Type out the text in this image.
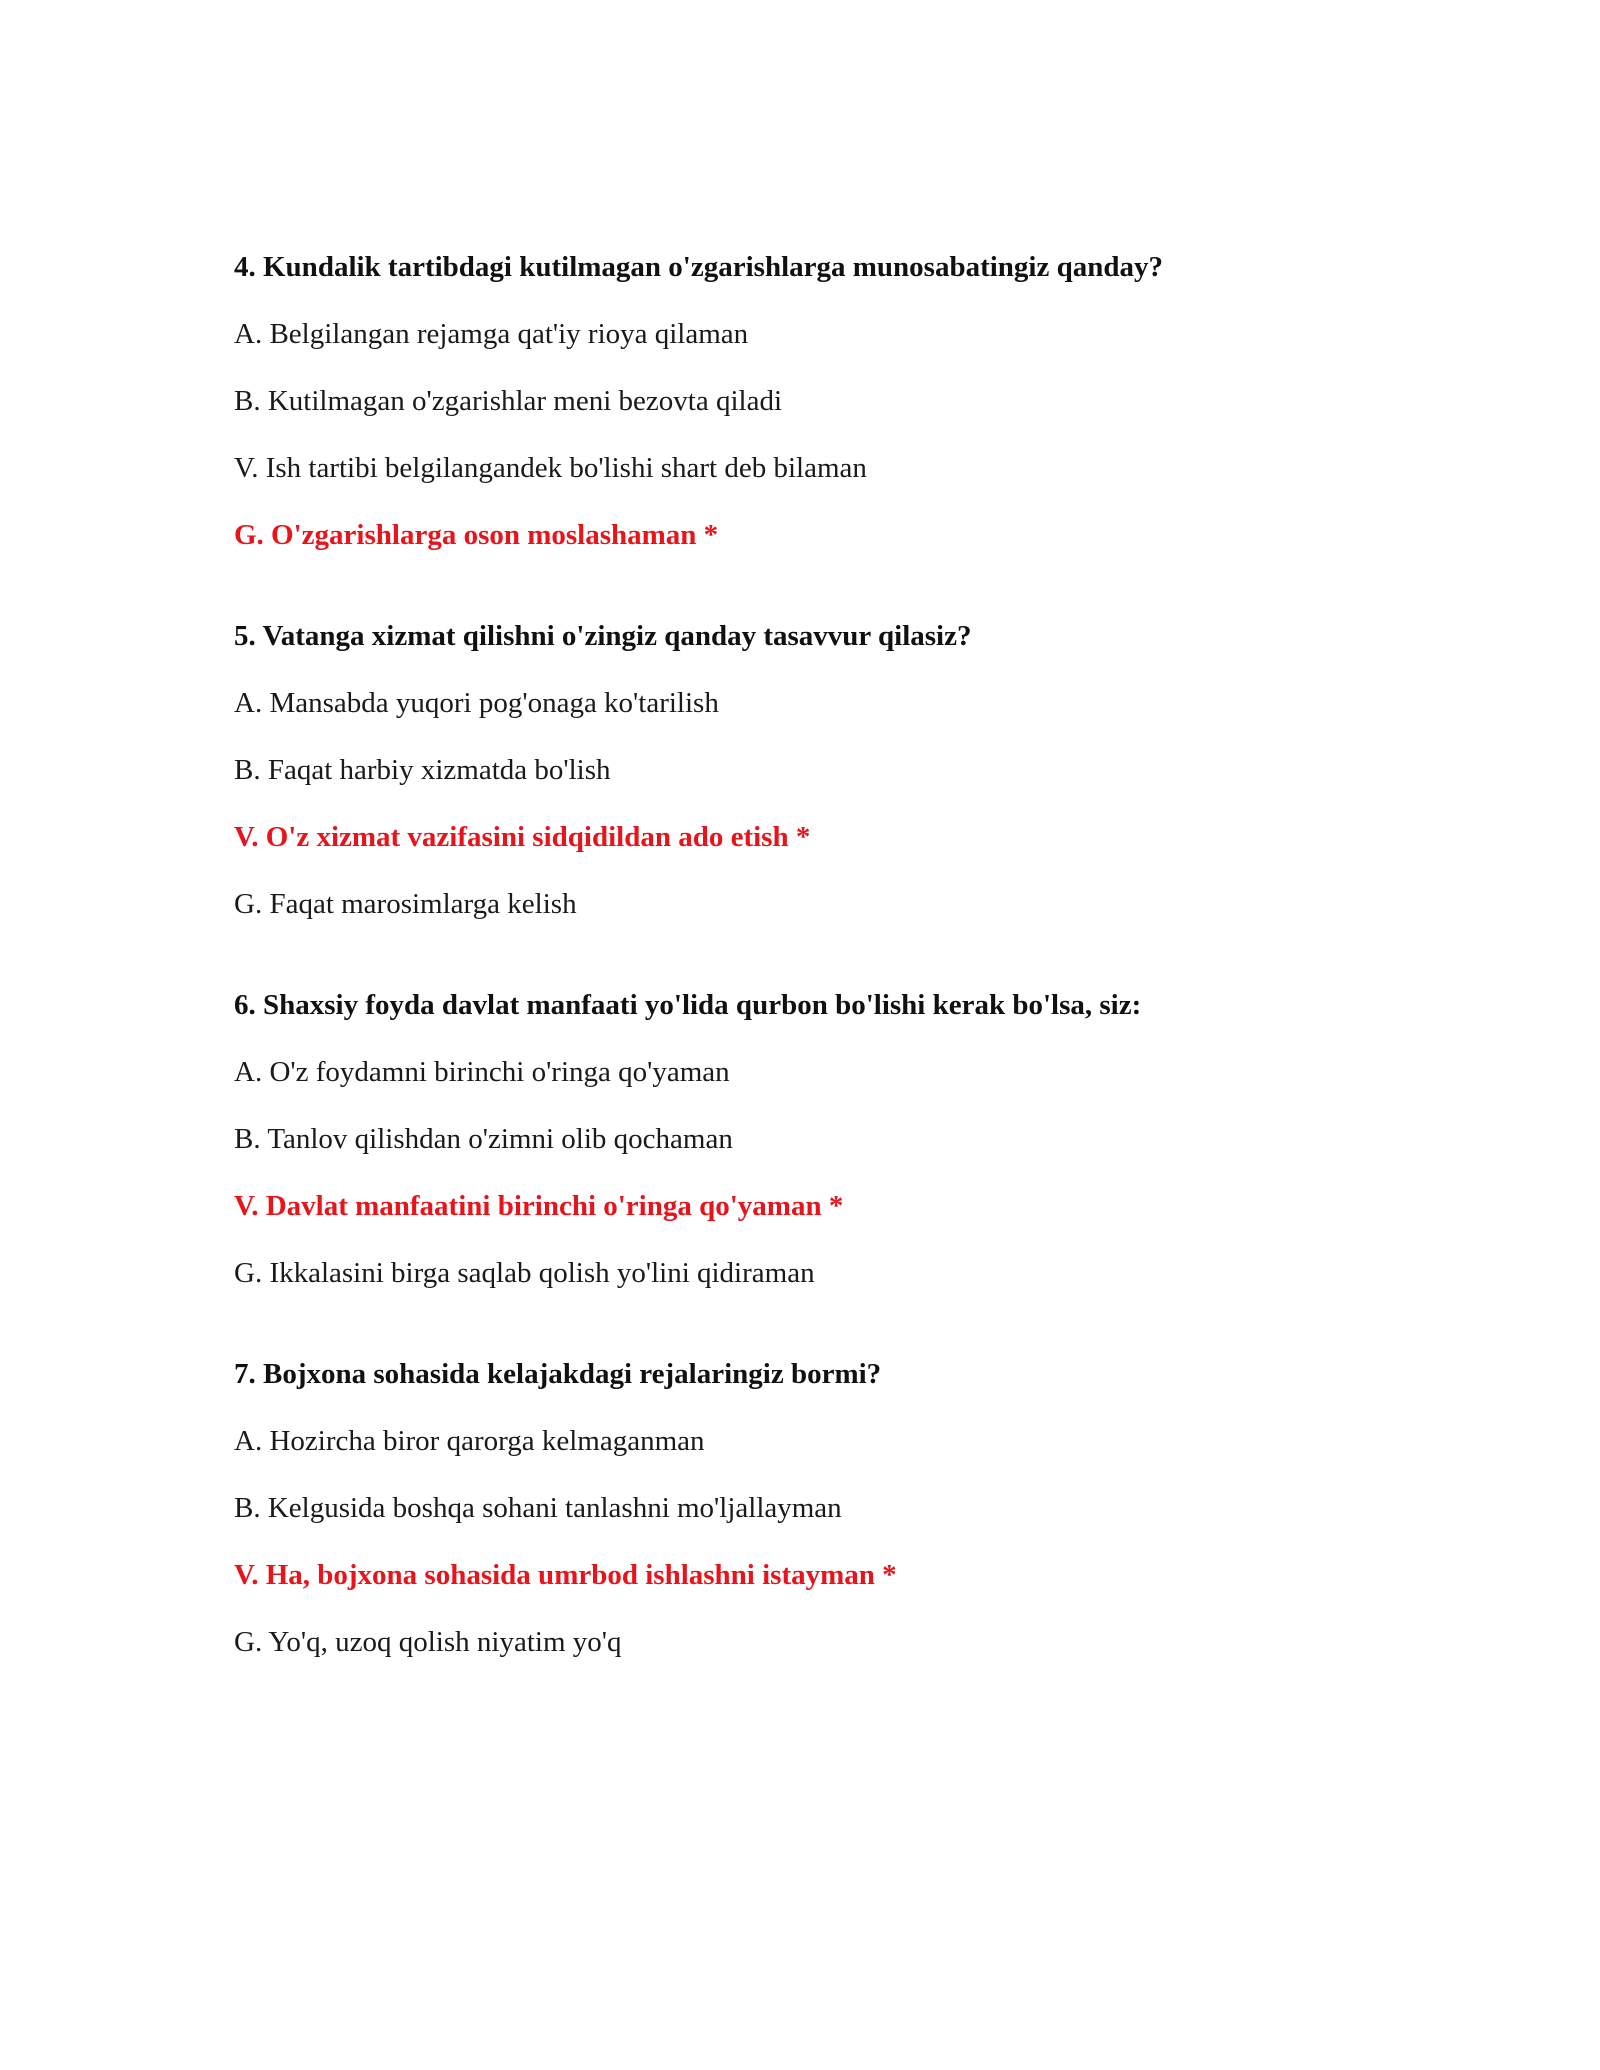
4. Kundalik tartibdagi kutilmagan o'zgarishlarga munosabatingiz qanday?

A. Belgilangan rejamga qat'iy rioya qilaman

B. Kutilmagan o'zgarishlar meni bezovta qiladi

V. Ish tartibi belgilangandek bo'lishi shart deb bilaman

G. O'zgarishlarga oson moslashaman *

5. Vatanga xizmat qilishni o'zingiz qanday tasavvur qilasiz?

A. Mansabda yuqori pog'onaga ko'tarilish

B. Faqat harbiy xizmatda bo'lish

V. O'z xizmat vazifasini sidqidildan ado etish *

G. Faqat marosimlarga kelish

6. Shaxsiy foyda davlat manfaati yo'lida qurbon bo'lishi kerak bo'lsa, siz:

A. O'z foydamni birinchi o'ringa qo'yaman

B. Tanlov qilishdan o'zimni olib qochaman

V. Davlat manfaatini birinchi o'ringa qo'yaman *

G. Ikkalasini birga saqlab qolish yo'lini qidiraman

7. Bojxona sohasida kelajakdagi rejalaringiz bormi?

A. Hozircha biror qarorga kelmaganman

B. Kelgusida boshqa sohani tanlashni mo'ljallayman

V. Ha, bojxona sohasida umrbod ishlashni istayman *

G. Yo'q, uzoq qolish niyatim yo'q
